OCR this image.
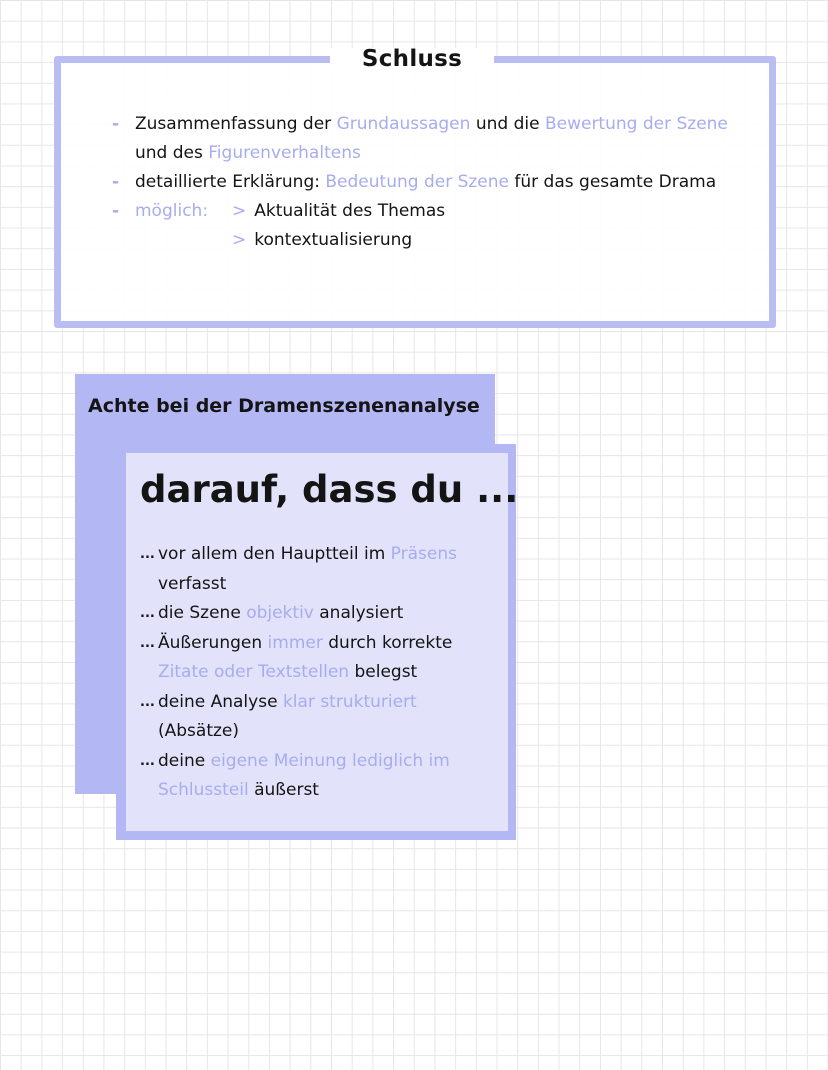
Schluss
- Zusammenfassung der Grundaussagen und die Bewertung der Szene und des Figurenverhaltens
- detaillierte Erklärung: Bedeutung der Szene für das gesamte Drama
- möglich:	> Aktualität des Themas
> kontextualisierung
Achte bei der Dramenszenenanalyse
darauf, dass du ...
... vor allem den Hauptteil im Präsens verfasst
... die Szene objektiv analysiert
... Äußerungen immer durch korrekte Zitate oder Textstellen belegst
... deine Analyse klar strukturiert (Absätze)
... deine eigene Meinung lediglich im Schlussteil äußerst
